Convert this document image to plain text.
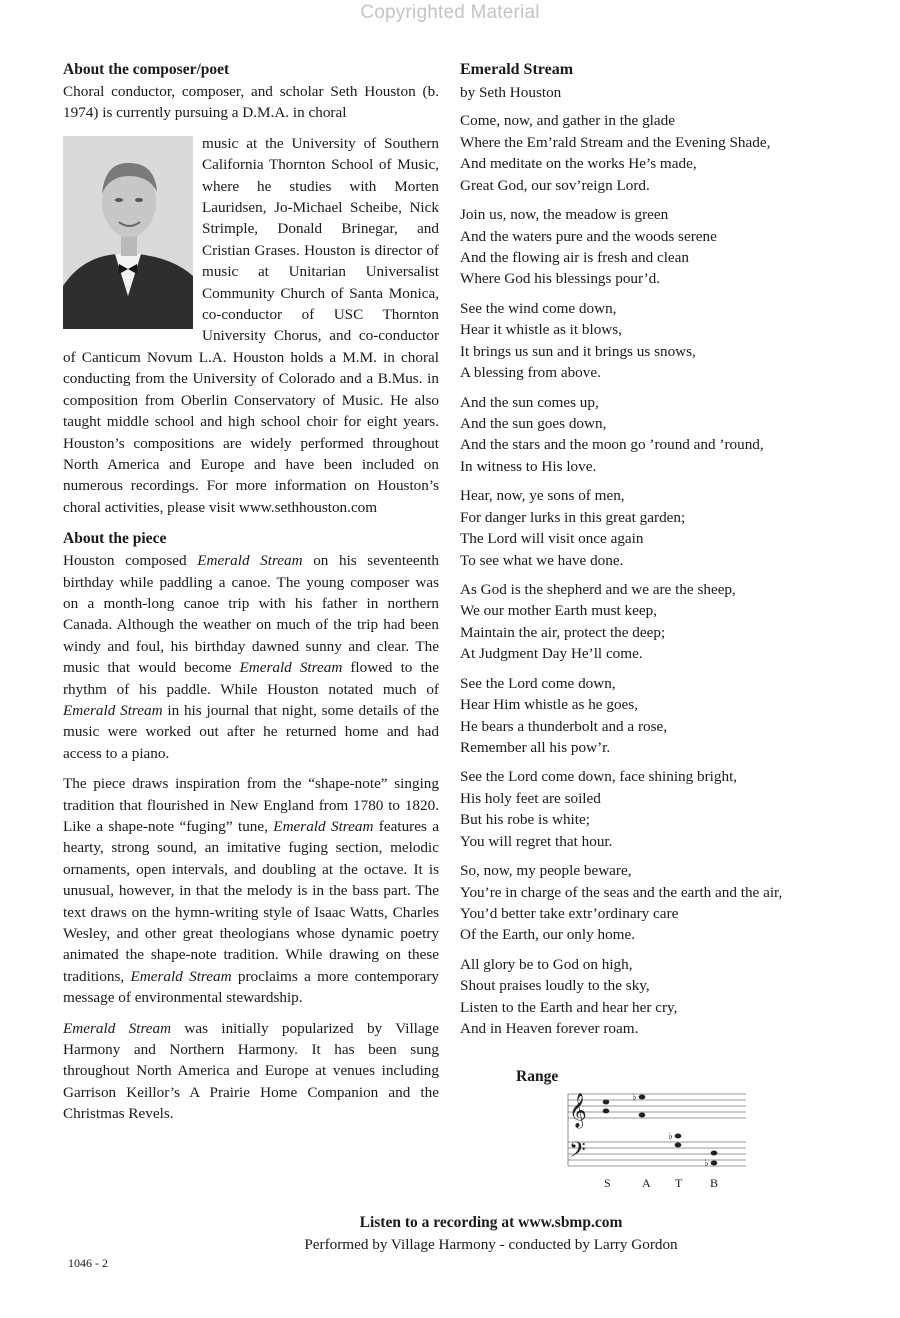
Copyrighted Material
About the composer/poet

Choral conductor, composer, and scholar Seth Houston (b. 1974) is currently pursuing a D.M.A. in choral

music at the University of Southern California Thornton School of Music, where he studies with Morten Lauridsen, Jo-Michael Scheibe, Nick Strimple, Donald Brinegar, and Cristian Grases. Houston is director of music at Unitarian Universalist Community Church of Santa Monica, co-conductor of USC Thornton University Chorus, and co-conductor of Canticum Novum L.A. Houston holds a M.M. in choral conducting from the University of Colorado and a B.Mus. in composition from Oberlin Conservatory of Music. He also taught middle school and high school choir for eight years. Houston’s compositions are widely performed throughout North America and Europe and have been included on numerous recordings. For more information on Houston’s choral activities, please visit www.sethhouston.com

About the piece

Houston composed Emerald Stream on his seventeenth birthday while paddling a canoe. The young composer was on a month-long canoe trip with his father in northern Canada. Although the weather on much of the trip had been windy and foul, his birthday dawned sunny and clear. The music that would become Emerald Stream flowed to the rhythm of his paddle. While Houston notated much of Emerald Stream in his journal that night, some details of the music were worked out after he returned home and had access to a piano.

The piece draws inspiration from the “shape-note” singing tradition that flourished in New England from 1780 to 1820. Like a shape-note “fuging” tune, Emerald Stream features a hearty, strong sound, an imitative fuging section, melodic ornaments, open intervals, and doubling at the octave. It is unusual, however, in that the melody is in the bass part. The text draws on the hymn-writing style of Isaac Watts, Charles Wesley, and other great theologians whose dynamic poetry animated the shape-note tradition. While drawing on these traditions, Emerald Stream proclaims a more contemporary message of environmental stewardship.

Emerald Stream was initially popularized by Village Harmony and Northern Harmony. It has been sung throughout North America and Europe at venues including Garrison Keillor’s A Prairie Home Companion and the Christmas Revels.

Emerald Stream
by Seth Houston
Come, now, and gather in the glade
Where the Em’rald Stream and the Evening Shade,
And meditate on the works He’s made,
Great God, our sov’reign Lord.
Join us, now, the meadow is green
And the waters pure and the woods serene
And the flowing air is fresh and clean
Where God his blessings pour’d.
See the wind come down,
Hear it whistle as it blows,
It brings us sun and it brings us snows,
A blessing from above.
And the sun comes up,
And the sun goes down,
And the stars and the moon go ’round and ’round,
In witness to His love.
Hear, now, ye sons of men,
For danger lurks in this great garden;
The Lord will visit once again
To see what we have done.
As God is the shepherd and we are the sheep,
We our mother Earth must keep,
Maintain the air, protect the deep;
At Judgment Day He’ll come.
See the Lord come down,
Hear Him whistle as he goes,
He bears a thunderbolt and a rose,
Remember all his pow’r.
See the Lord come down, face shining bright,
His holy feet are soiled
But his robe is white;
You will regret that hour.
So, now, my people beware,
You’re in charge of the seas and the earth and the air,
You’d better take extr’ordinary care
Of the Earth, our only home.
All glory be to God on high,
Shout praises loudly to the sky,
Listen to the Earth and hear her cry,
And in Heaven forever roam.
Range
𝄞
𝄢
♭
♭
♭
S	A T B
Listen to a recording at www.sbmp.com
Performed by Village Harmony - conducted by Larry Gordon
1046 - 2
